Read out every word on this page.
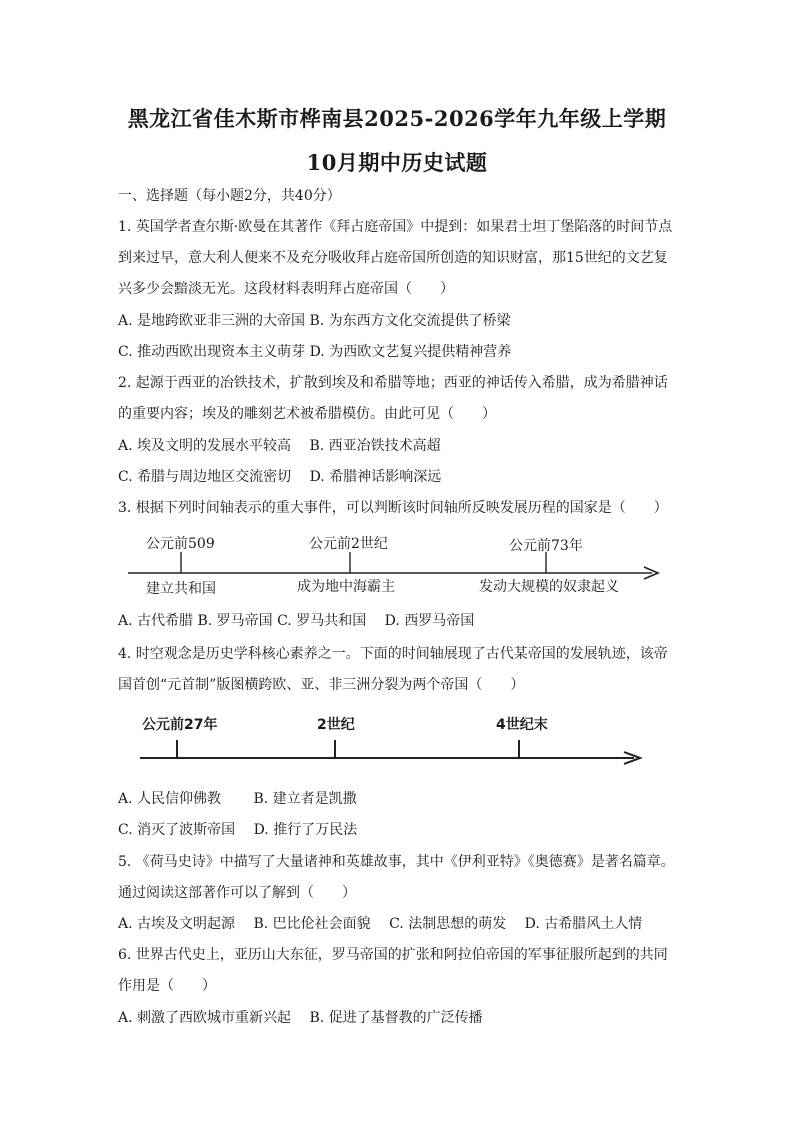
黑龙江省佳木斯市桦南县2025-2026学年九年级上学期
10月期中历史试题
一、选择题（每小题2分，共40分）
1. 英国学者查尔斯·欧曼在其著作《拜占庭帝国》中提到：如果君士坦丁堡陷落的时间节点
到来过早，意大利人便来不及充分吸收拜占庭帝国所创造的知识财富，那15世纪的文艺复
兴多少会黯淡无光。这段材料表明拜占庭帝国（　　）
A. 是地跨欧亚非三洲的大帝国 B. 为东西方文化交流提供了桥梁
C. 推动西欧出现资本主义萌芽 D. 为西欧文艺复兴提供精神营养
2. 起源于西亚的冶铁技术，扩散到埃及和希腊等地；西亚的神话传入希腊，成为希腊神话
的重要内容；埃及的雕刻艺术被希腊模仿。由此可见（　　）
A. 埃及文明的发展水平较高　 B. 西亚冶铁技术高超
C. 希腊与周边地区交流密切　 D. 希腊神话影响深远
3. 根据下列时间轴表示的重大事件，可以判断该时间轴所反映发展历程的国家是（　　）
公元前509	公元前2世纪	公元前73年
建立共和国	成为地中海霸主	发动大规模的奴隶起义
A. 古代希腊 B. 罗马帝国 C. 罗马共和国　 D. 西罗马帝国
4. 时空观念是历史学科核心素养之一。下面的时间轴展现了古代某帝国的发展轨迹，该帝
国首创“元首制”版图横跨欧、亚、非三洲分裂为两个帝国（　　）
公元前27年	2世纪	4世纪末
A. 人民信仰佛教　　 B. 建立者是凯撒
C. 消灭了波斯帝国　 D. 推行了万民法
5. 《荷马史诗》中描写了大量诸神和英雄故事，其中《伊利亚特》《奥德赛》是著名篇章。
通过阅读这部著作可以了解到（　　）
A. 古埃及文明起源　 B. 巴比伦社会面貌　 C. 法制思想的萌发　 D. 古希腊风土人情
6. 世界古代史上，亚历山大东征，罗马帝国的扩张和阿拉伯帝国的军事征服所起到的共同
作用是（　　）
A. 刺激了西欧城市重新兴起　 B. 促进了基督教的广泛传播
